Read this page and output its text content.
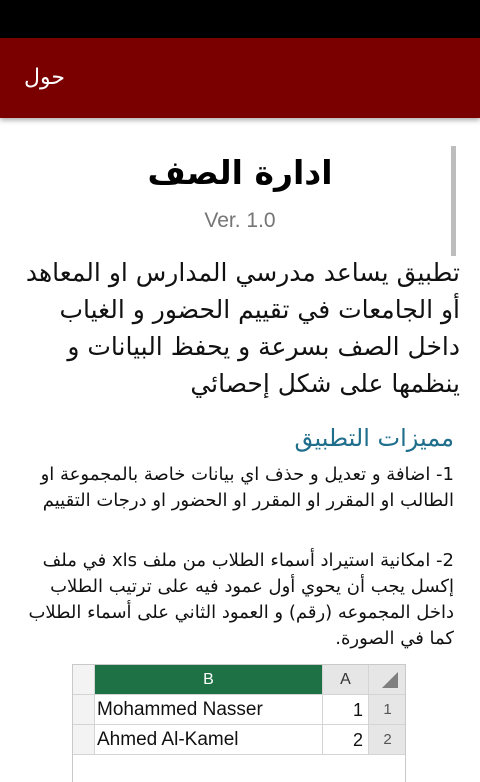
حول
ادارة الصف
Ver. 1.0
تطبيق يساعد مدرسي المدارس او المعاهد أو الجامعات في تقييم الحضور و الغياب داخل الصف بسرعة و يحفظ البيانات و ينظمها على شكل إحصائي
مميزات التطبيق
1- اضافة و تعديل و حذف اي بيانات خاصة بالمجموعة او الطالب او المقرر او المقرر او الحضور او درجات التقييم
2- امكانية استيراد أسماء الطلاب من ملف xls في ملف إكسل يجب أن يحوي أول عمود فيه على ترتيب الطلاب داخل المجموعه (رقم) و العمود الثاني على أسماء الطلاب كما في الصورة.
B	A
Mohammed Nasser	1	1
Ahmed Al-Kamel	2	2
